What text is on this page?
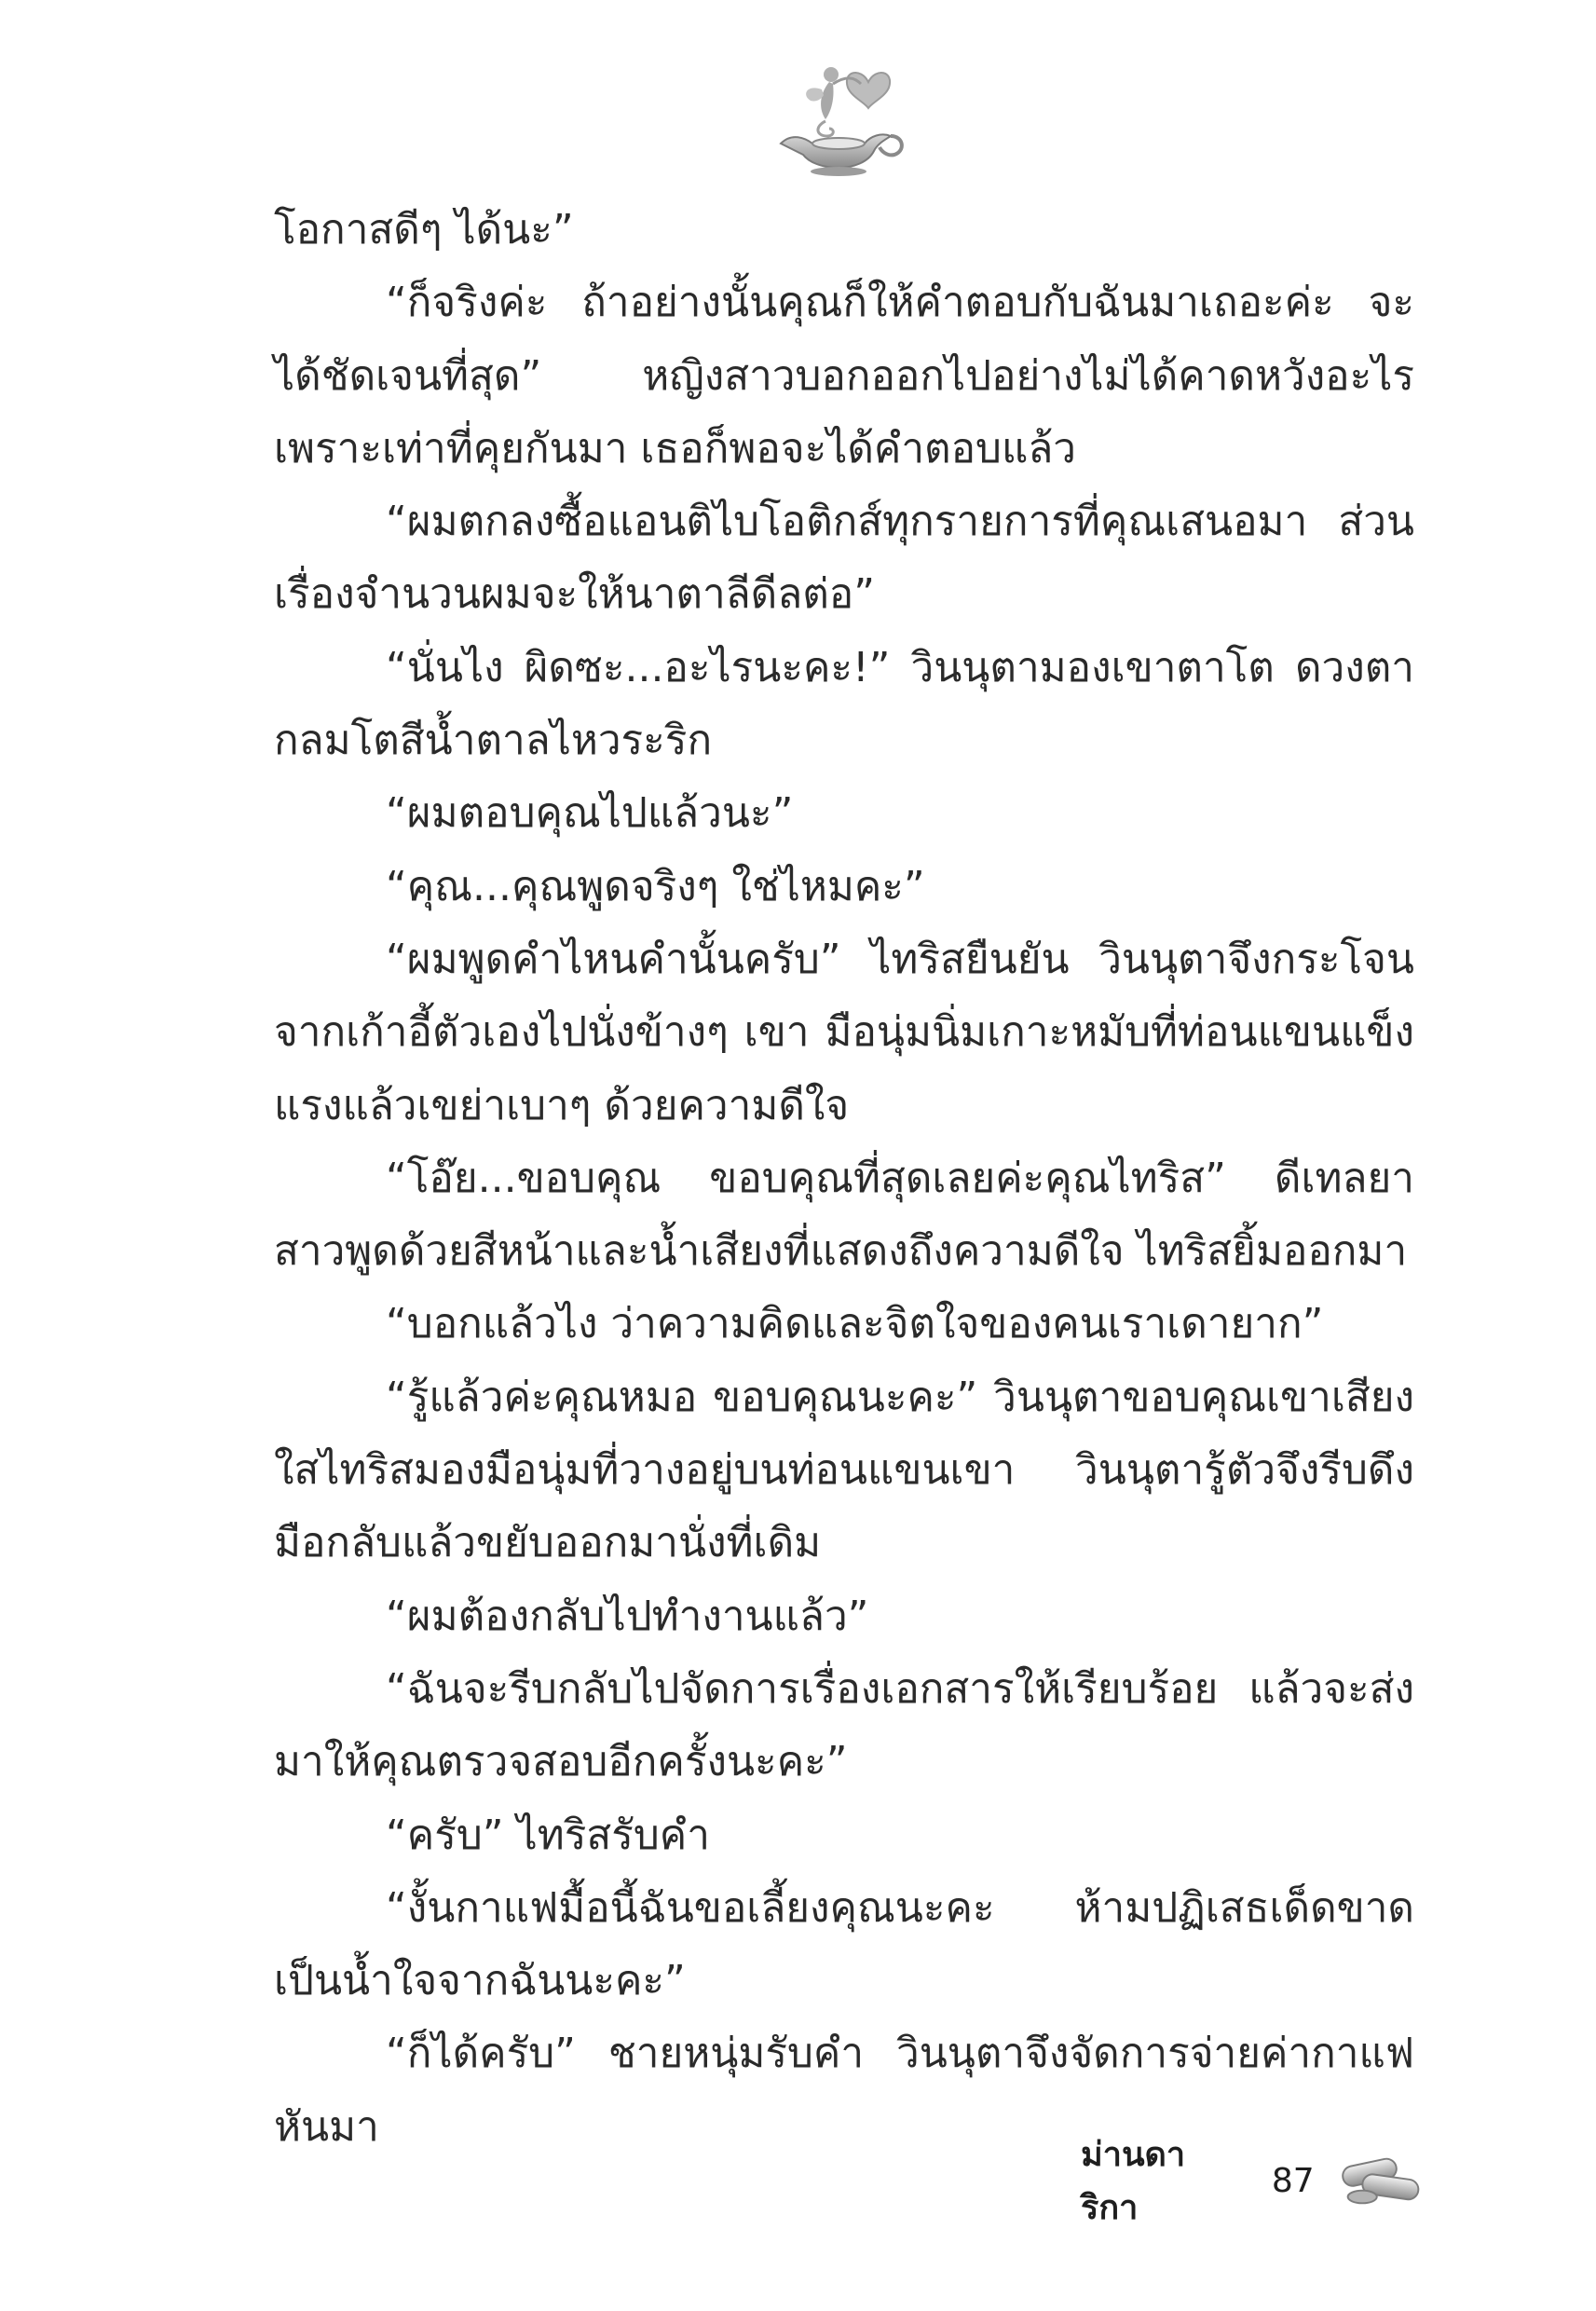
โอกาสดีๆ ได้นะ”

“ก็จริงค่ะ ถ้าอย่างนั้นคุณก็ให้คำตอบกับฉันมาเถอะค่ะ จะได้ชัดเจนที่สุด” หญิงสาวบอกออกไปอย่างไม่ได้คาดหวังอะไร เพราะเท่าที่คุยกันมา เธอก็พอจะได้คำตอบแล้ว

“ผมตกลงซื้อแอนติไบโอติกส์ทุกรายการที่คุณเสนอมา ส่วนเรื่องจำนวนผมจะให้นาตาลีดีลต่อ”

“นั่นไง ผิดซะ...อะไรนะคะ!” วินนุตามองเขาตาโต ดวงตากลมโตสีน้ำตาลไหวระริก

“ผมตอบคุณไปแล้วนะ”

“คุณ...คุณพูดจริงๆ ใช่ไหมคะ”

“ผมพูดคำไหนคำนั้นครับ” ไทริสยืนยัน วินนุตาจึงกระโจนจากเก้าอี้ตัวเองไปนั่งข้างๆ เขา มือนุ่มนิ่มเกาะหมับที่ท่อนแขนแข็งแรงแล้วเขย่าเบาๆ ด้วยความดีใจ

“โอ๊ย...ขอบคุณ ขอบคุณที่สุดเลยค่ะคุณไทริส” ดีเทลยาสาวพูดด้วยสีหน้าและน้ำเสียงที่แสดงถึงความดีใจ ไทริสยิ้มออกมา

“บอกแล้วไง ว่าความคิดและจิตใจของคนเราเดายาก”

“รู้แล้วค่ะคุณหมอ ขอบคุณนะคะ” วินนุตาขอบคุณเขาเสียงใสไทริสมองมือนุ่มที่วางอยู่บนท่อนแขนเขา วินนุตารู้ตัวจึงรีบดึงมือกลับแล้วขยับออกมานั่งที่เดิม

“ผมต้องกลับไปทำงานแล้ว”

“ฉันจะรีบกลับไปจัดการเรื่องเอกสารให้เรียบร้อย แล้วจะส่งมาให้คุณตรวจสอบอีกครั้งนะคะ”

“ครับ” ไทริสรับคำ

“งั้นกาแฟมื้อนี้ฉันขอเลี้ยงคุณนะคะ ห้ามปฏิเสธเด็ดขาด เป็นน้ำใจจากฉันนะคะ”

“ก็ได้ครับ” ชายหนุ่มรับคำ วินนุตาจึงจัดการจ่ายค่ากาแฟ หันมา

ม่านดาริกา
87
